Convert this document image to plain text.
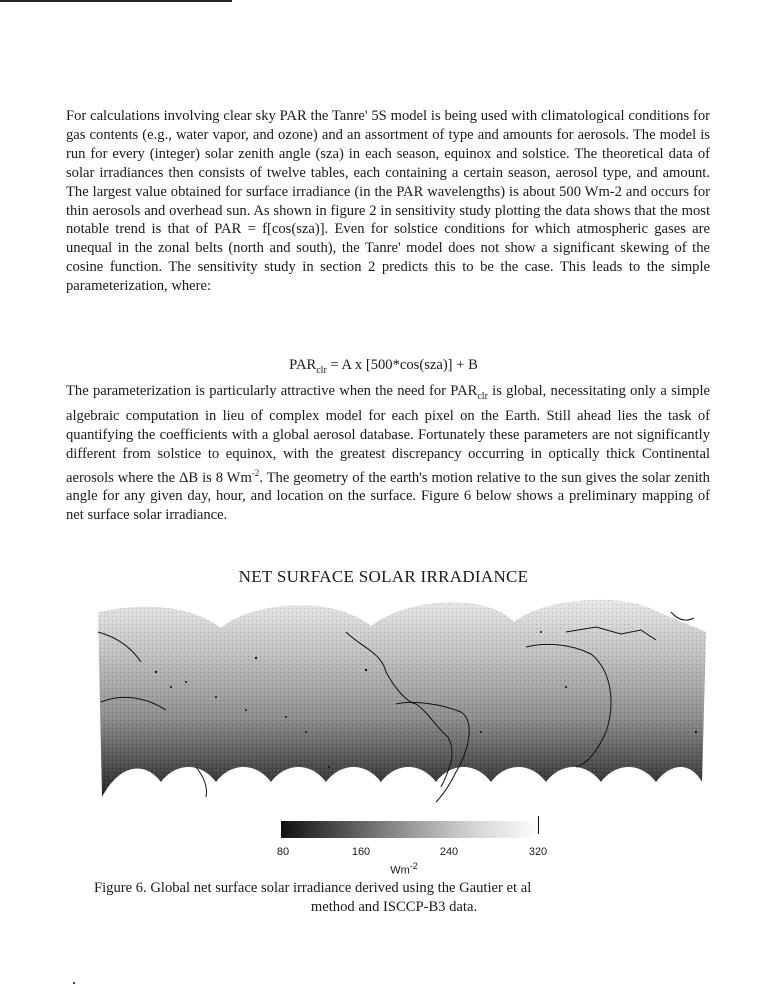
For calculations involving clear sky PAR the Tanre' 5S model is being used with climatological conditions for gas contents (e.g., water vapor, and ozone) and an assortment of type and amounts for aerosols. The model is run for every (integer) solar zenith angle (sza) in each season, equinox and solstice. The theoretical data of solar irradiances then consists of twelve tables, each containing a certain season, aerosol type, and amount. The largest value obtained for surface irradiance (in the PAR wavelengths) is about 500 Wm-2 and occurs for thin aerosols and overhead sun. As shown in figure 2 in sensitivity study plotting the data shows that the most notable trend is that of PAR = f[cos(sza)]. Even for solstice conditions for which atmospheric gases are unequal in the zonal belts (north and south), the Tanre' model does not show a significant skewing of the cosine function. The sensitivity study in section 2 predicts this to be the case. This leads to the simple parameterization, where:

$PAR_{clr} = A$ x [500*cos(sza)] + B

The parameterization is particularly attractive when the need for $PAR_{clr}$ is global, necessitating only a simple algebraic computation in lieu of complex model for each pixel on the Earth. Still ahead lies the task of quantifying the coefficients with a global aerosol database. Fortunately these parameters are not significantly different from solstice to equinox, with the greatest discrepancy occurring in optically thick Continental aerosols where the ΔB is 8 $Wm^{-2}$. The geometry of the earth's motion relative to the sun gives the solar zenith angle for any given day, hour, and location on the surface. Figure 6 below shows a preliminary mapping of net surface solar irradiance.

NET SURFACE SOLAR IRRADIANCE

80	160	240	320
$Wm^{-2}$

Figure 6. Global net surface solar irradiance derived using the Gautier et al
method and ISCCP-B3 data.
